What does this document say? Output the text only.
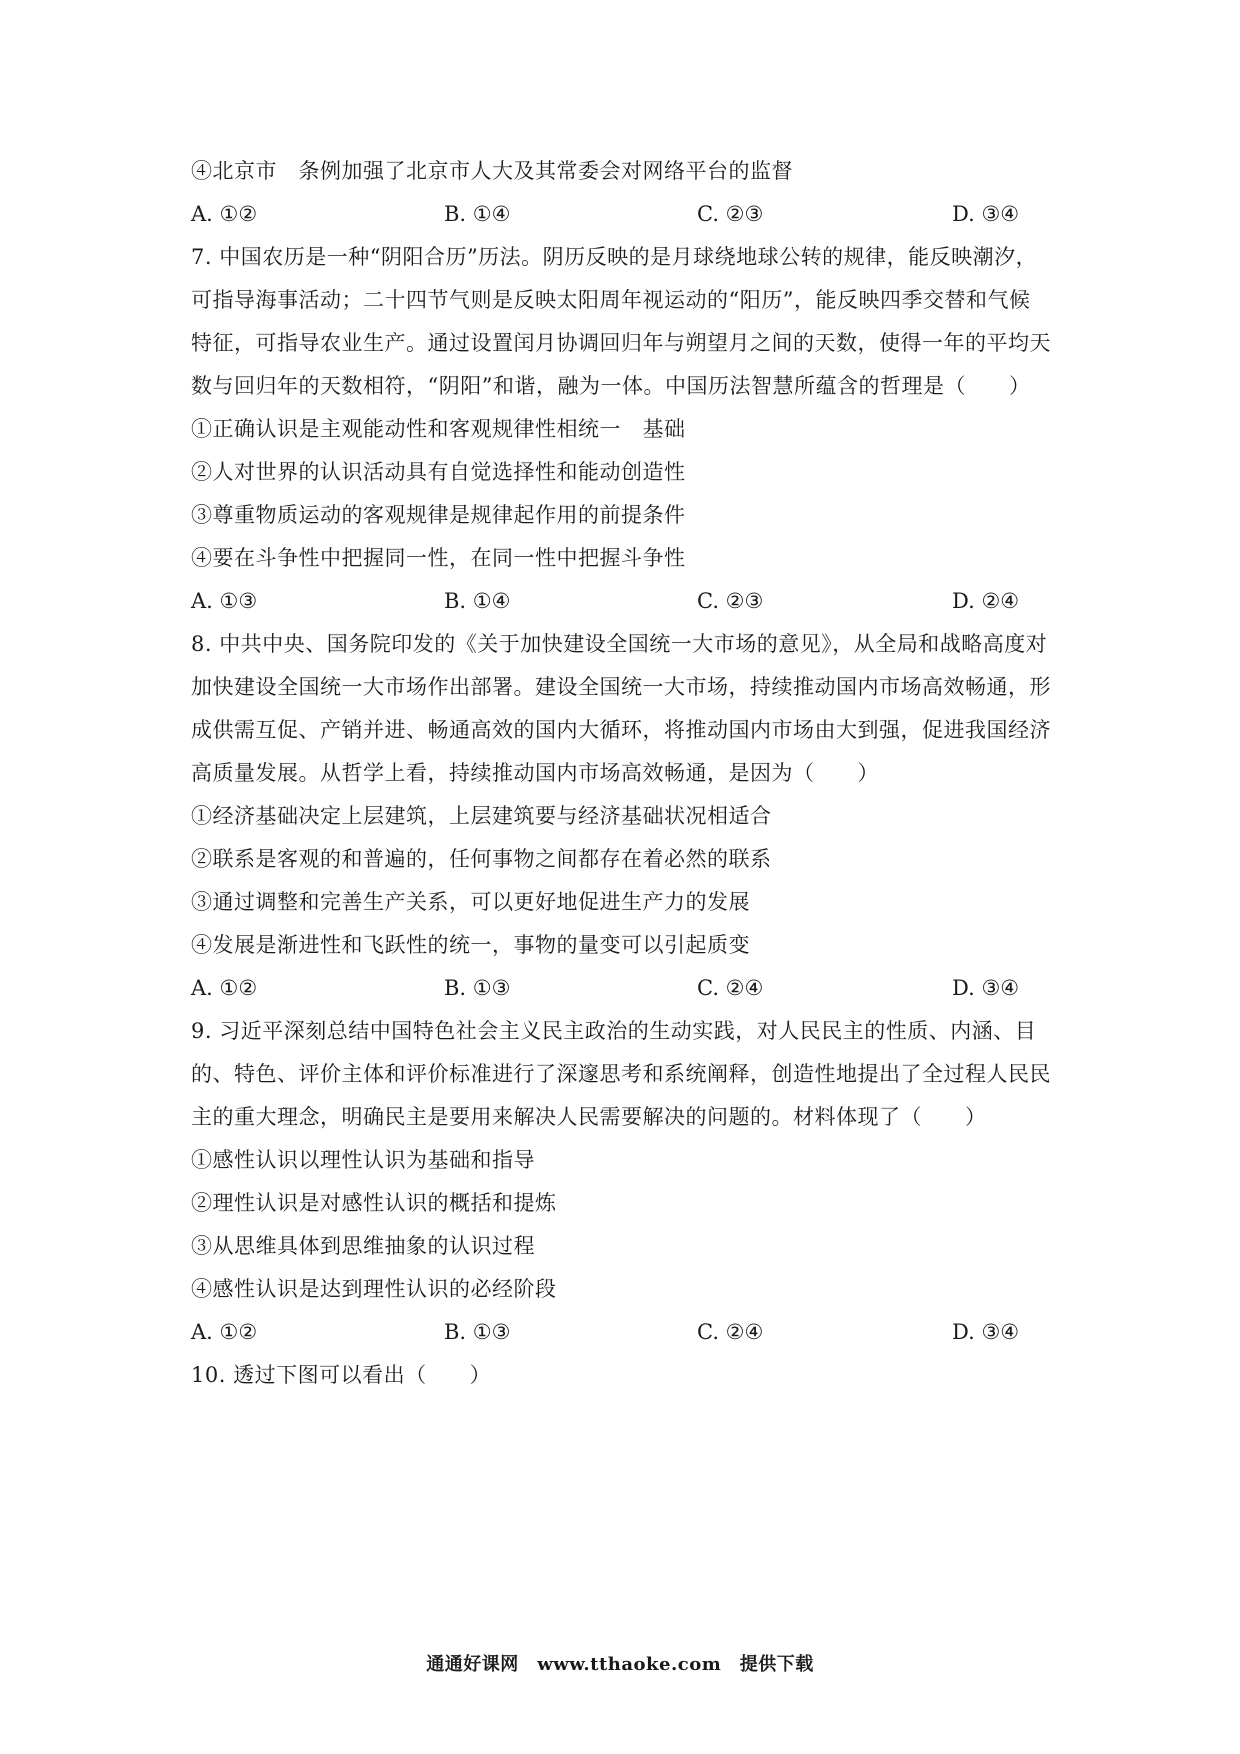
④北京市　条例加强了北京市人大及其常委会对网络平台的监督
A. ①②	B. ①④	C. ②③	D. ③④
7. 中国农历是一种“阴阳合历”历法。阴历反映的是月球绕地球公转的规律，能反映潮汐，
可指导海事活动；二十四节气则是反映太阳周年视运动的“阳历”，能反映四季交替和气候
特征，可指导农业生产。通过设置闰月协调回归年与朔望月之间的天数，使得一年的平均天
数与回归年的天数相符，“阴阳”和谐，融为一体。中国历法智慧所蕴含的哲理是（　　）
①正确认识是主观能动性和客观规律性相统一　基础
②人对世界的认识活动具有自觉选择性和能动创造性
③尊重物质运动的客观规律是规律起作用的前提条件
④要在斗争性中把握同一性，在同一性中把握斗争性
A. ①③	B. ①④	C. ②③	D. ②④
8. 中共中央、国务院印发的《关于加快建设全国统一大市场的意见》，从全局和战略高度对
加快建设全国统一大市场作出部署。建设全国统一大市场，持续推动国内市场高效畅通，形
成供需互促、产销并进、畅通高效的国内大循环，将推动国内市场由大到强，促进我国经济
高质量发展。从哲学上看，持续推动国内市场高效畅通，是因为（　　）
①经济基础决定上层建筑，上层建筑要与经济基础状况相适合
②联系是客观的和普遍的，任何事物之间都存在着必然的联系
③通过调整和完善生产关系，可以更好地促进生产力的发展
④发展是渐进性和飞跃性的统一，事物的量变可以引起质变
A. ①②	B. ①③	C. ②④	D. ③④
9. 习近平深刻总结中国特色社会主义民主政治的生动实践，对人民民主的性质、内涵、目
的、特色、评价主体和评价标准进行了深邃思考和系统阐释，创造性地提出了全过程人民民
主的重大理念，明确民主是要用来解决人民需要解决的问题的。材料体现了（　　）
①感性认识以理性认识为基础和指导
②理性认识是对感性认识的概括和提炼
③从思维具体到思维抽象的认识过程
④感性认识是达到理性认识的必经阶段
A. ①②	B. ①③	C. ②④	D. ③④
10. 透过下图可以看出（　　）
通通好课网　www.tthaoke.com　提供下载
